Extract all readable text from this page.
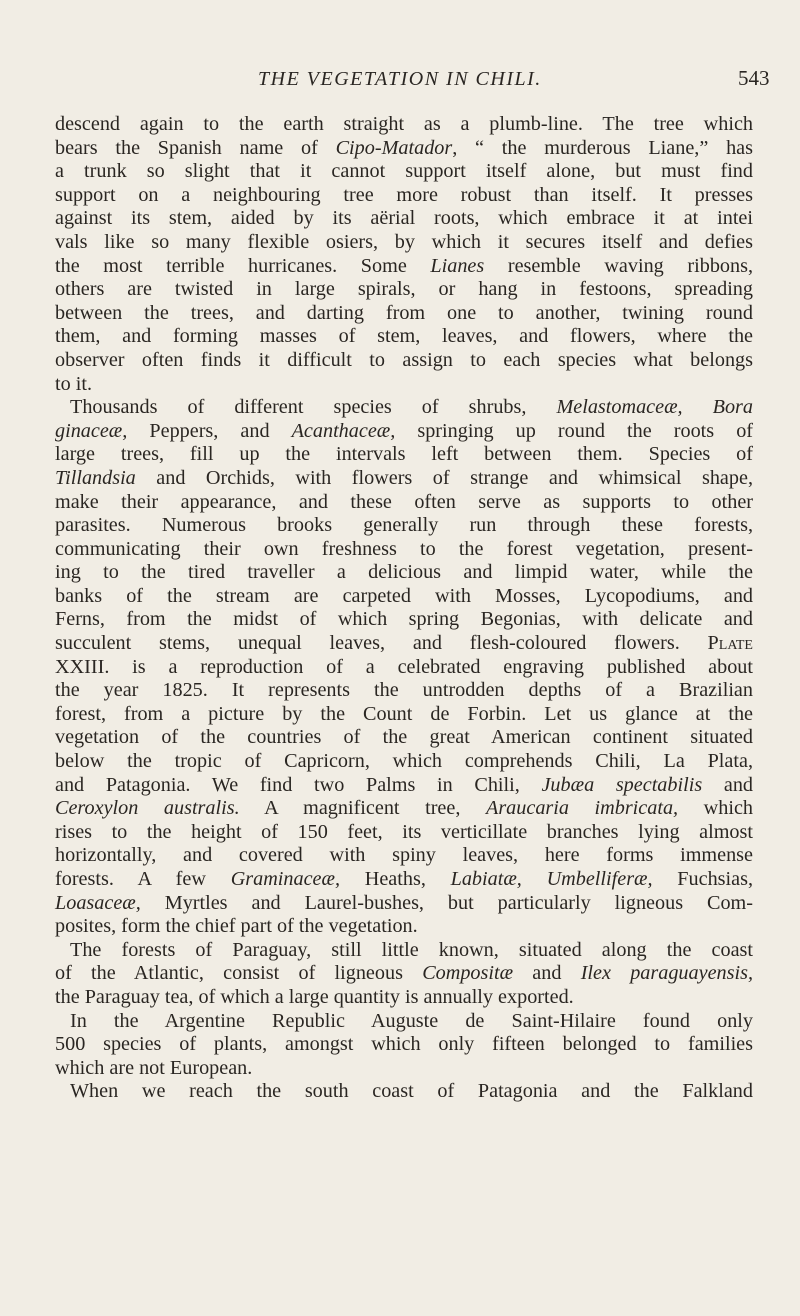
THE VEGETATION IN CHILI.	543
descend again to the earth straight as a plumb-line. The tree which
bears the Spanish name of Cipo-Matador, “ the murderous Liane,” has
a trunk so slight that it cannot support itself alone, but must find
support on a neighbouring tree more robust than itself. It presses
against its stem, aided by its aërial roots, which embrace it at intei
vals like so many flexible osiers, by which it secures itself and defies
the most terrible hurricanes. Some Lianes resemble waving ribbons,
others are twisted in large spirals, or hang in festoons, spreading
between the trees, and darting from one to another, twining round
them, and forming masses of stem, leaves, and flowers, where the
observer often finds it difficult to assign to each species what belongs
to it.
Thousands of different species of shrubs, Melastomaceæ, Bora
ginaceæ, Peppers, and Acanthaceæ, springing up round the roots of
large trees, fill up the intervals left between them. Species of
Tillandsia and Orchids, with flowers of strange and whimsical shape,
make their appearance, and these often serve as supports to other
parasites. Numerous brooks generally run through these forests,
communicating their own freshness to the forest vegetation, present-
ing to the tired traveller a delicious and limpid water, while the
banks of the stream are carpeted with Mosses, Lycopodiums, and
Ferns, from the midst of which spring Begonias, with delicate and
succulent stems, unequal leaves, and flesh-coloured flowers. Plate
XXIII. is a reproduction of a celebrated engraving published about
the year 1825. It represents the untrodden depths of a Brazilian
forest, from a picture by the Count de Forbin. Let us glance at the
vegetation of the countries of the great American continent situated
below the tropic of Capricorn, which comprehends Chili, La Plata,
and Patagonia. We find two Palms in Chili, Jubæa spectabilis and
Ceroxylon australis. A magnificent tree, Araucaria imbricata, which
rises to the height of 150 feet, its verticillate branches lying almost
horizontally, and covered with spiny leaves, here forms immense
forests. A few Graminaceæ, Heaths, Labiatæ, Umbelliferæ, Fuchsias,
Loasaceæ, Myrtles and Laurel-bushes, but particularly ligneous Com-
posites, form the chief part of the vegetation.
The forests of Paraguay, still little known, situated along the coast
of the Atlantic, consist of ligneous Compositæ and Ilex paraguayensis,
the Paraguay tea, of which a large quantity is annually exported.
In the Argentine Republic Auguste de Saint-Hilaire found only
500 species of plants, amongst which only fifteen belonged to families
which are not European.
When we reach the south coast of Patagonia and the Falkland
